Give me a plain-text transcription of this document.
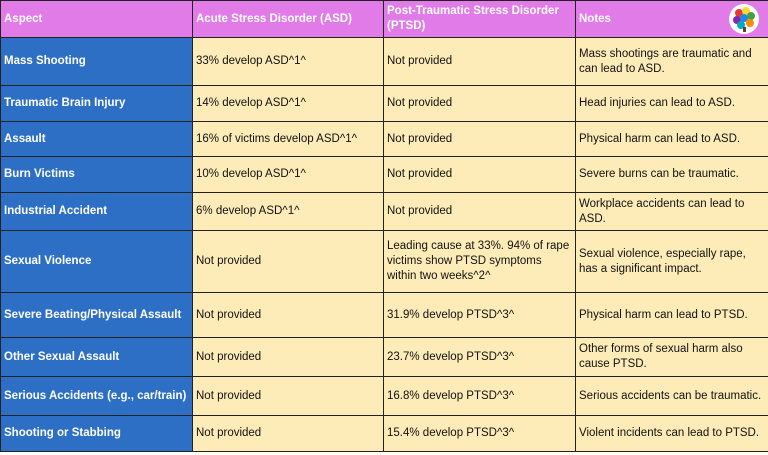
Aspect	Acute Stress Disorder (ASD)	Post-Traumatic Stress Disorder (PTSD)	Notes

Mass Shooting	33% develop ASD^1^	Not provided	Mass shootings are traumatic and can lead to ASD.
Traumatic Brain Injury	14% develop ASD^1^	Not provided	Head injuries can lead to ASD.
Assault	16% of victims develop ASD^1^	Not provided	Physical harm can lead to ASD.
Burn Victims	10% develop ASD^1^	Not provided	Severe burns can be traumatic.
Industrial Accident	6% develop ASD^1^	Not provided	Workplace accidents can lead to ASD.
Sexual Violence	Not provided	Leading cause at 33%. 94% of rape victims show PTSD symptoms within two weeks^2^	Sexual violence, especially rape, has a significant impact.
Severe Beating/Physical Assault	Not provided	31.9% develop PTSD^3^	Physical harm can lead to PTSD.
Other Sexual Assault	Not provided	23.7% develop PTSD^3^	Other forms of sexual harm also cause PTSD.
Serious Accidents (e.g., car/train)	Not provided	16.8% develop PTSD^3^	Serious accidents can be traumatic.
Shooting or Stabbing	Not provided	15.4% develop PTSD^3^	Violent incidents can lead to PTSD.
